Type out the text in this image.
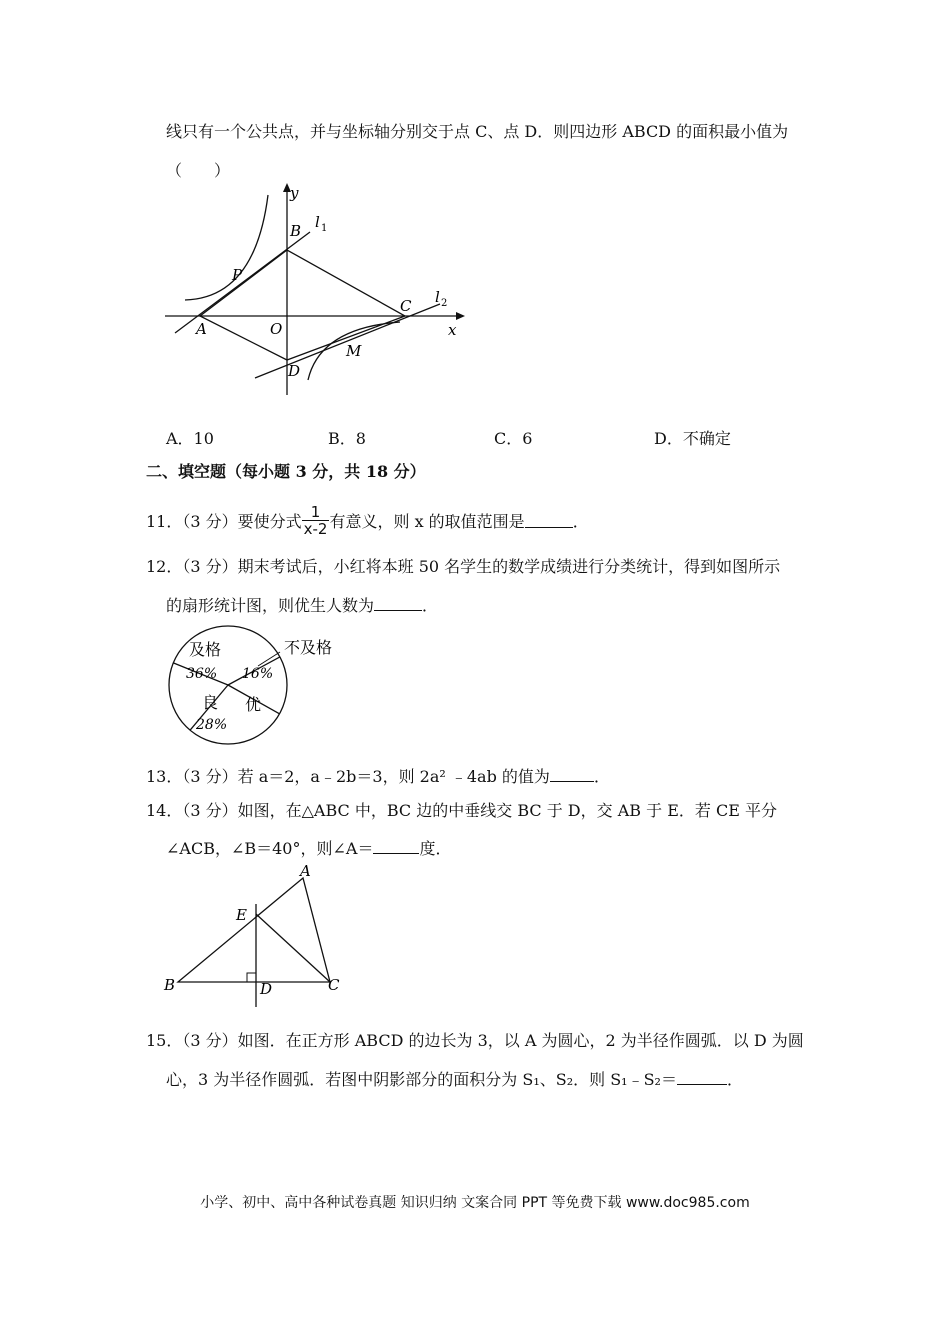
线只有一个公共点，并与坐标轴分别交于点 C、点 D．则四边形 ABCD 的面积最小值为
（　　）
y
x
B l 1
l 2
P
C
A	O
M
D
A．10	B．8	C．6	D．不确定
二、填空题（每小题 3 分，共 18 分）
11．（3 分）要使分式 $\frac{1}{x-2}$ 有意义，则 x 的取值范围是	．
12．（3 分）期末考试后，小红将本班 50 名学生的数学成绩进行分类统计，得到如图所示
的扇形统计图，则优生人数为	．
及格
36%
不及格
16%
良
28%
优
13．（3 分）若 a＝2，a﹣2b＝3，则 2a² ﹣4ab 的值为	．
14．（3 分）如图，在△ABC 中，BC 边的中垂线交 BC 于 D，交 AB 于 E．若 CE 平分
∠ACB，∠B＝40°，则∠A＝	度．
A
E
B	D	C
15．（3 分）如图．在正方形 ABCD 的边长为 3，以 A 为圆心，2 为半径作圆弧．以 D 为圆
心，3 为半径作圆弧．若图中阴影部分的面积分为 S₁、S₂．则 S₁﹣S₂＝	．
小学、初中、高中各种试卷真题 知识归纳 文案合同 PPT 等免费下载 www.doc985.com
